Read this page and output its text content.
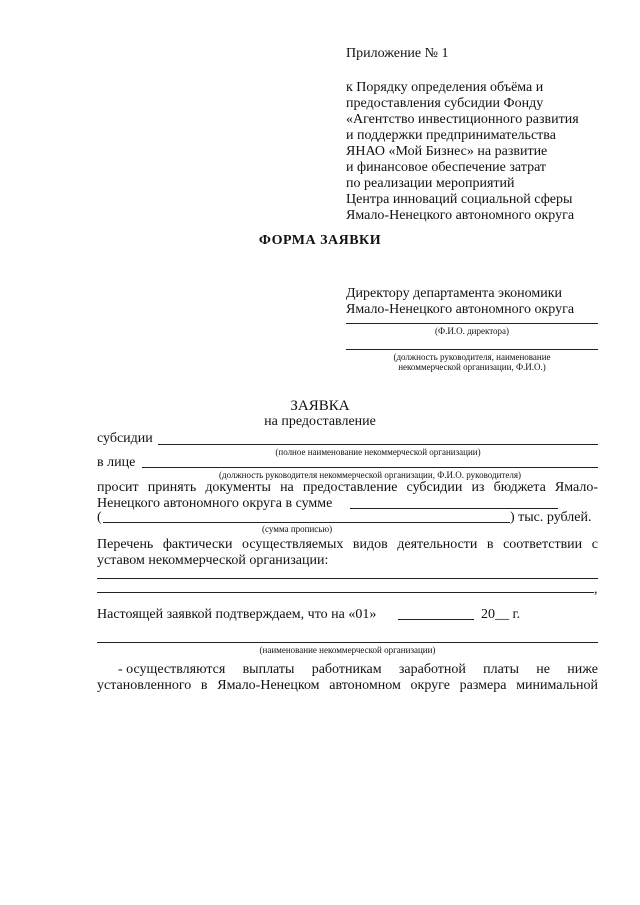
Приложение № 1
к Порядку определения объёма и
предоставления субсидии Фонду
«Агентство инвестиционного развития
и поддержки предпринимательства
ЯНАО «Мой Бизнес» на развитие
и финансовое обеспечение затрат
по реализации мероприятий
Центра инноваций социальной сферы
Ямало-Ненецкого автономного округа
ФОРМА ЗАЯВКИ
Директору департамента экономики
Ямало-Ненецкого автономного округа
(Ф.И.О. директора)
(должность руководителя, наименование
некоммерческой организации, Ф.И.О.)
ЗАЯВКА
на предоставление
субсидии
(полное наименование некоммерческой организации)
в лице
(должность руководителя некоммерческой организации, Ф.И.О. руководителя)
просит принять документы на предоставление субсидии из бюджета Ямало-
Ненецкого автономного округа в сумме
(	) тыс. рублей.
(сумма прописью)
Перечень фактически осуществляемых видов деятельности в соответствии с
уставом некоммерческой организации:
,
Настоящей заявкой подтверждаем, что на «01»	20__ г.
(наименование некоммерческой организации)
- осуществляются выплаты работникам заработной платы не ниже
установленного в Ямало-Ненецком автономном округе размера минимальной
